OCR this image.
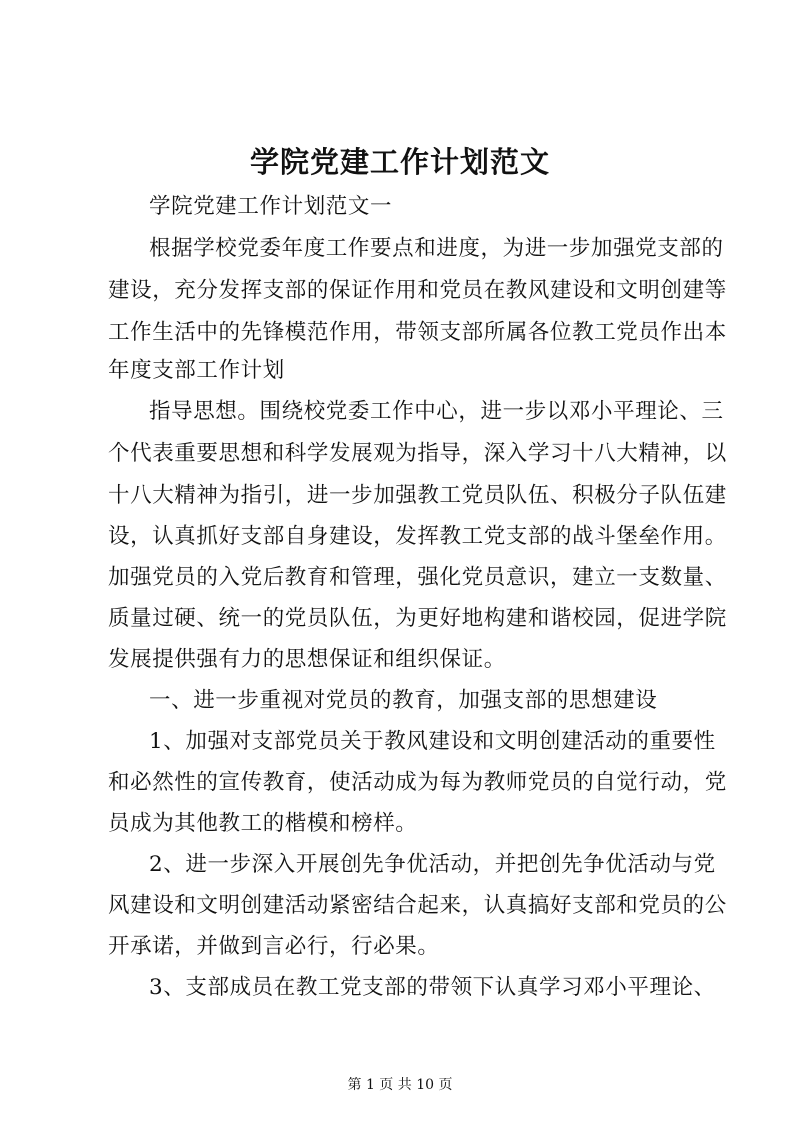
学院党建工作计划范文
学院党建工作计划范文一
根据学校党委年度工作要点和进度，为进一步加强党支部的
建设，充分发挥支部的保证作用和党员在教风建设和文明创建等
工作生活中的先锋模范作用，带领支部所属各位教工党员作出本
年度支部工作计划
指导思想。围绕校党委工作中心，进一步以邓小平理论、三
个代表重要思想和科学发展观为指导，深入学习十八大精神，以
十八大精神为指引，进一步加强教工党员队伍、积极分子队伍建
设，认真抓好支部自身建设，发挥教工党支部的战斗堡垒作用。
加强党员的入党后教育和管理，强化党员意识，建立一支数量、
质量过硬、统一的党员队伍，为更好地构建和谐校园，促进学院
发展提供强有力的思想保证和组织保证。
一、进一步重视对党员的教育，加强支部的思想建设
1、加强对支部党员关于教风建设和文明创建活动的重要性
和必然性的宣传教育，使活动成为每为教师党员的自觉行动，党
员成为其他教工的楷模和榜样。
2、进一步深入开展创先争优活动，并把创先争优活动与党
风建设和文明创建活动紧密结合起来，认真搞好支部和党员的公
开承诺，并做到言必行，行必果。
3、支部成员在教工党支部的带领下认真学习邓小平理论、
第 1 页 共 10 页
